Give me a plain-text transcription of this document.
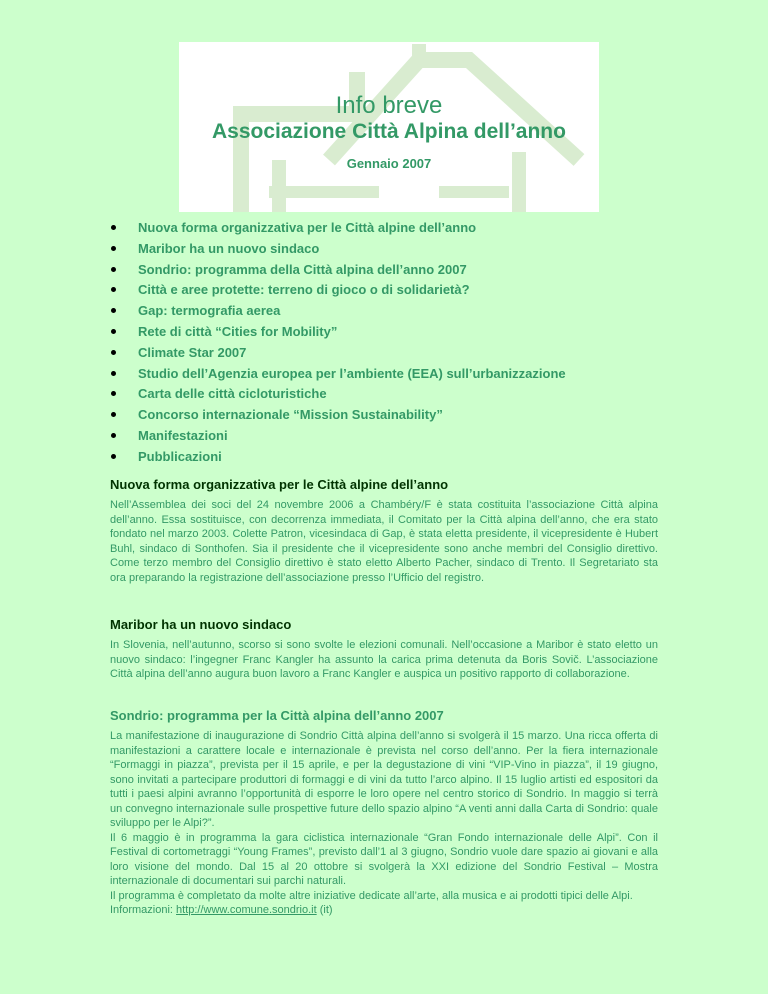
Info breve
Associazione Città Alpina dell’anno
Gennaio 2007
Nuova forma organizzativa per le Città alpine dell’anno
Maribor ha un nuovo sindaco
Sondrio: programma della Città alpina dell’anno 2007
Città e aree protette: terreno di gioco o di solidarietà?
Gap: termografia aerea
Rete di città “Cities for Mobility”
Climate Star 2007
Studio dell’Agenzia europea per l’ambiente (EEA) sull’urbanizzazione
Carta delle città cicloturistiche
Concorso internazionale “Mission Sustainability”
Manifestazioni
Pubblicazioni
Nuova forma organizzativa per le Città alpine dell’anno

Nell’Assemblea dei soci del 24 novembre 2006 a Chambéry/F è stata costituita l’associazione Città alpina dell’anno. Essa sostituisce, con decorrenza immediata, il Comitato per la Città alpina dell’anno, che era stato fondato nel marzo 2003. Colette Patron, vicesindaca di Gap, è stata eletta presidente, il vicepresidente è Hubert Buhl, sindaco di Sonthofen. Sia il presidente che il vicepresidente sono anche membri del Consiglio direttivo. Come terzo membro del Consiglio direttivo è stato eletto Alberto Pacher, sindaco di Trento. Il Segretariato sta ora preparando la registrazione dell’associazione presso l’Ufficio del registro.

Maribor ha un nuovo sindaco

In Slovenia, nell’autunno, scorso si sono svolte le elezioni comunali. Nell’occasione a Maribor è stato eletto un nuovo sindaco: l’ingegner Franc Kangler ha assunto la carica prima detenuta da Boris Sovič. L’associazione Città alpina dell’anno augura buon lavoro a Franc Kangler e auspica un positivo rapporto di collaborazione.

Sondrio: programma per la Città alpina dell’anno 2007

La manifestazione di inaugurazione di Sondrio Città alpina dell’anno si svolgerà il 15 marzo. Una ricca offerta di manifestazioni a carattere locale e internazionale è prevista nel corso dell’anno. Per la fiera internazionale “Formaggi in piazza”, prevista per il 15 aprile, e per la degustazione di vini “VIP-Vino in piazza”, il 19 giugno, sono invitati a partecipare produttori di formaggi e di vini da tutto l’arco alpino. Il 15 luglio artisti ed espositori da tutti i paesi alpini avranno l’opportunità di esporre le loro opere nel centro storico di Sondrio. In maggio si terrà un convegno internazionale sulle prospettive future dello spazio alpino “A venti anni dalla Carta di Sondrio: quale sviluppo per le Alpi?”.

Il 6 maggio è in programma la gara ciclistica internazionale “Gran Fondo internazionale delle Alpi”. Con il Festival di cortometraggi “Young Frames”, previsto dall’1 al 3 giugno, Sondrio vuole dare spazio ai giovani e alla loro visione del mondo. Dal 15 al 20 ottobre si svolgerà la XXI edizione del Sondrio Festival – Mostra internazionale di documentari sui parchi naturali.

Il programma è completato da molte altre iniziative dedicate all’arte, alla musica e ai prodotti tipici delle Alpi.

Informazioni: http://www.comune.sondrio.it (it)
